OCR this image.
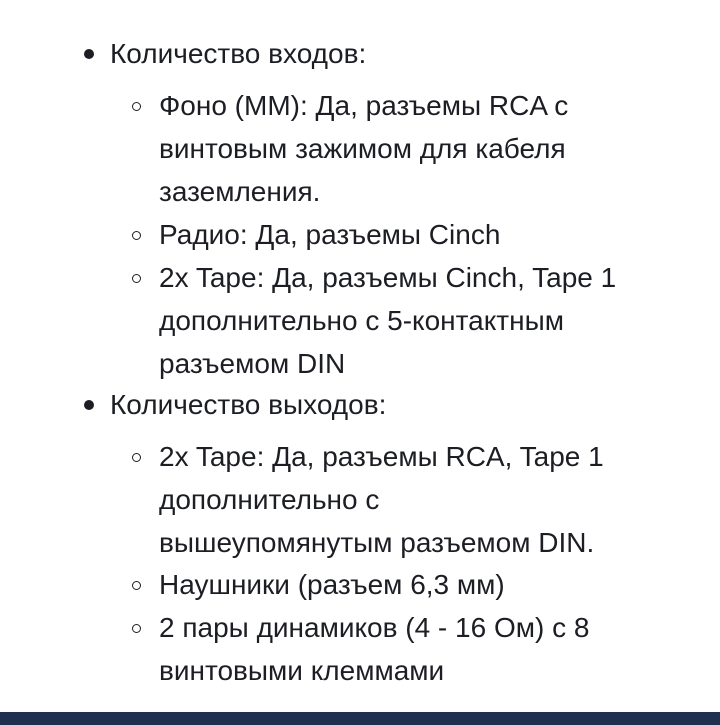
Количество входов:
Фоно (ММ): Да, разъемы RCA с
винтовым зажимом для кабеля
заземления.
Радио: Да, разъемы Cinch
2x Tape: Да, разъемы Cinch, Tape 1
дополнительно с 5-контактным
разъемом DIN
Количество выходов:
2x Tape: Да, разъемы RCA, Tape 1
дополнительно с
вышеупомянутым разъемом DIN.
Наушники (разъем 6,3 мм)
2 пары динамиков (4 - 16 Ом) с 8
винтовыми клеммами
